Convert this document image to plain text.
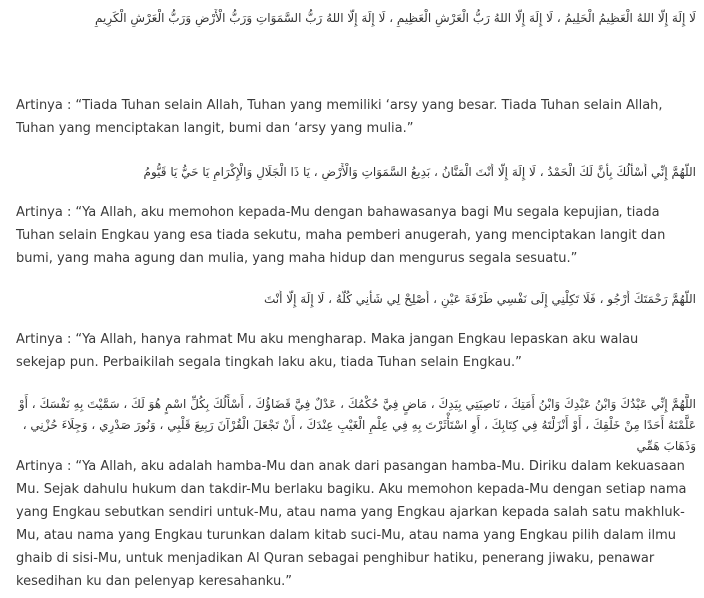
لَا إِلَهَ إِلَّا اللهُ الْعَظِيمُ الْحَلِيمُ ، لَا إِلَهَ إِلَّا اللهُ رَبُّ الْعَرْشِ الْعَظِيمِ ، لَا إِلَهَ إِلَّا اللهُ رَبُّ السَّمَوَاتِ وَرَبُّ الْأَرْضِ وَرَبُّ الْعَرْشِ الْكَرِيمِ

Artinya : “Tiada Tuhan selain Allah, Tuhan yang memiliki ‘arsy yang besar. Tiada Tuhan selain Allah, Tuhan yang menciptakan langit, bumi dan ‘arsy yang mulia.”

اللَّهُمَّ إِنِّي أَسْأَلُكَ بِأَنَّ لَكَ الْحَمْدُ ، لَا إِلَهَ إِلَّا أَنْتَ الْمَنَّانُ ، بَدِيعُ السَّمَوَاتِ وَالْأَرْضِ ، يَا ذَا الْجَلَالِ وَالْإِكْرَامِ يَا حَيُّ يَا قَيُّومُ

Artinya : “Ya Allah, aku memohon kepada-Mu dengan bahawasanya bagi Mu segala kepujian, tiada Tuhan selain Engkau yang esa tiada sekutu, maha pemberi anugerah, yang menciptakan langit dan bumi, yang maha agung dan mulia, yang maha hidup dan mengurus segala sesuatu.”

اللَّهُمَّ رَحْمَتَكَ أَرْجُو ، فَلَا تَكِلْنِي إِلَى نَفْسِي طَرْفَةَ عَيْنٍ ، أَصْلِحْ لِي شَأْنِي كُلَّهُ ، لَا إِلَهَ إِلَّا أَنْتَ

Artinya : “Ya Allah, hanya rahmat Mu aku mengharap. Maka jangan Engkau lepaskan aku walau sekejap pun. Perbaikilah segala tingkah laku aku, tiada Tuhan selain Engkau.”

اللَّهُمَّ إِنِّي عَبْدُكَ وَابْنُ عَبْدِكَ وَابْنُ أَمَتِكَ ، نَاصِيَتِي بِيَدِكَ ، مَاضٍ فِيَّ حُكْمُكَ ، عَدْلٌ فِيَّ قَضَاؤُكَ ، أَسْأَلُكَ بِكُلِّ اسْمٍ هُوَ لَكَ ، سَمَّيْتَ بِهِ نَفْسَكَ ، أَوْ عَلَّمْتَهُ أَحَدًا مِنْ خَلْقِكَ ، أَوْ أَنْزَلْتَهُ فِي كِتَابِكَ ، أَوِ اسْتَأْثَرْتَ بِهِ فِي عِلْمِ الْغَيْبِ عِنْدَكَ ، أَنْ تَجْعَلَ الْقُرْآنَ رَبِيعَ قَلْبِي ، وَنُورَ صَدْرِي ، وَجِلَاءَ حُزْنِي ، وَذَهَابَ هَمِّي

Artinya : “Ya Allah, aku adalah hamba-Mu dan anak dari pasangan hamba-Mu. Diriku dalam kekuasaan Mu. Sejak dahulu hukum dan takdir-Mu berlaku bagiku. Aku memohon kepada-Mu dengan setiap nama yang Engkau sebutkan sendiri untuk-Mu, atau nama yang Engkau ajarkan kepada salah satu makhluk-Mu, atau nama yang Engkau turunkan dalam kitab suci-Mu, atau nama yang Engkau pilih dalam ilmu ghaib di sisi-Mu, untuk menjadikan Al Quran sebagai penghibur hatiku, penerang jiwaku, penawar kesedihan ku dan pelenyap keresahanku.”
